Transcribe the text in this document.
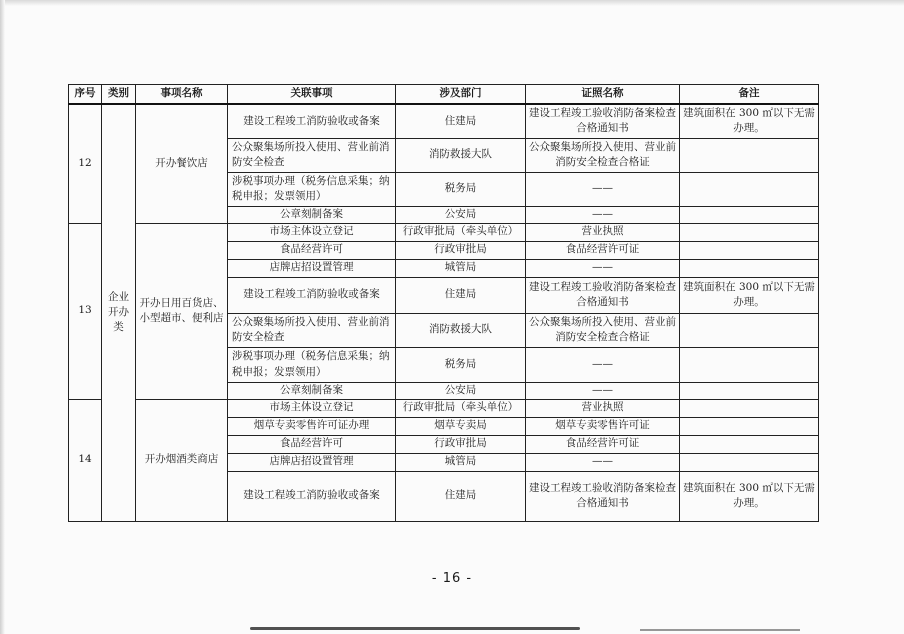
序号	类别	事项名称	关联事项	涉及部门	证照名称	备注
12	企业开办类	开办餐饮店	建设工程竣工消防验收或备案	住建局	建设工程竣工验收消防备案检查合格通知书	建筑面积在 300 ㎡以下无需办理。
			公众聚集场所投入使用、营业前消防安全检查	消防救援大队	公众聚集场所投入使用、营业前消防安全检查合格证	
			涉税事项办理（税务信息采集；纳税申报；发票领用）	税务局	——	
			公章刻制备案	公安局	——	
13		开办日用百货店、小型超市、便利店	市场主体设立登记	行政审批局（牵头单位）	营业执照	
			食品经营许可	行政审批局	食品经营许可证	
			店牌店招设置管理	城管局	——	
			建设工程竣工消防验收或备案	住建局	建设工程竣工验收消防备案检查合格通知书	建筑面积在 300 ㎡以下无需办理。
			公众聚集场所投入使用、营业前消防安全检查	消防救援大队	公众聚集场所投入使用、营业前消防安全检查合格证	
			涉税事项办理（税务信息采集；纳税申报；发票领用）	税务局	——	
			公章刻制备案	公安局	——	
14		开办烟酒类商店	市场主体设立登记	行政审批局（牵头单位）	营业执照	
			烟草专卖零售许可证办理	烟草专卖局	烟草专卖零售许可证	
			食品经营许可	行政审批局	食品经营许可证	
			店牌店招设置管理	城管局	——	
			建设工程竣工消防验收或备案	住建局	建设工程竣工验收消防备案检查合格通知书	建筑面积在 300 ㎡以下无需办理。
- 16 -
